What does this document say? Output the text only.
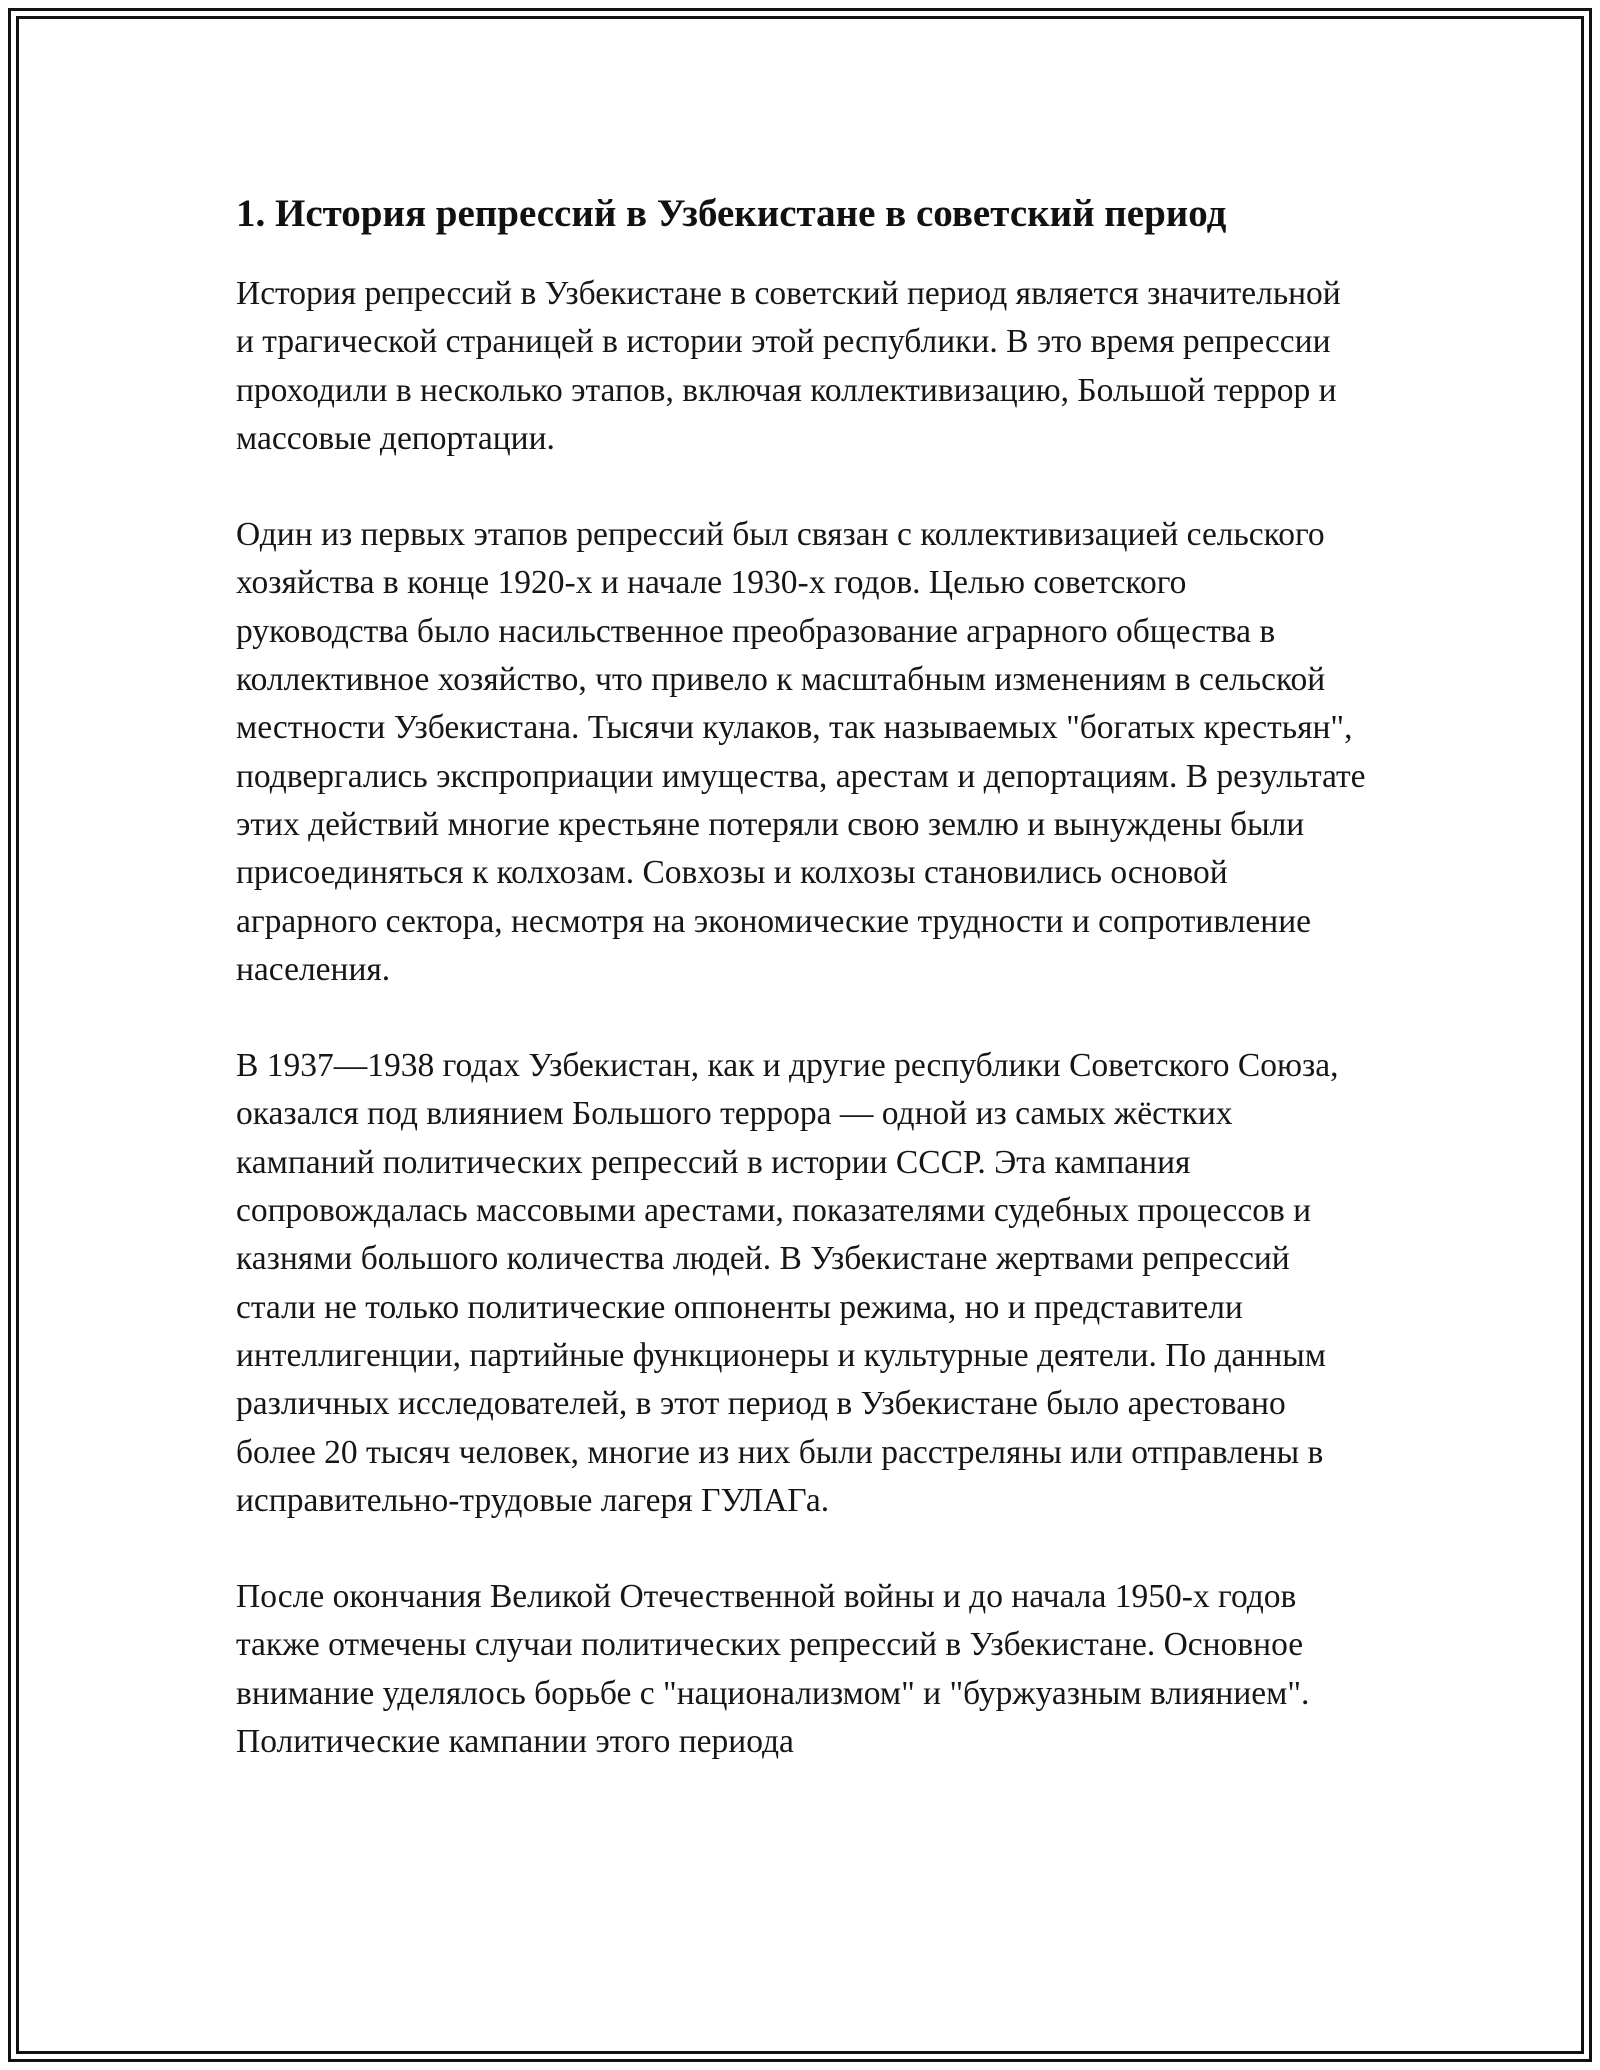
1. История репрессий в Узбекистане в советский период

История репрессий в Узбекистане в советский период является значительной и трагической страницей в истории этой республики. В это время репрессии проходили в несколько этапов, включая коллективизацию, Большой террор и массовые депортации.

Один из первых этапов репрессий был связан с коллективизацией сельского хозяйства в конце 1920-х и начале 1930-х годов. Целью советского руководства было насильственное преобразование аграрного общества в коллективное хозяйство, что привело к масштабным изменениям в сельской местности Узбекистана. Тысячи кулаков, так называемых "богатых крестьян", подвергались экспроприации имущества, арестам и депортациям. В результате этих действий многие крестьяне потеряли свою землю и вынуждены были присоединяться к колхозам. Совхозы и колхозы становились основой аграрного сектора, несмотря на экономические трудности и сопротивление населения.

В 1937—1938 годах Узбекистан, как и другие республики Советского Союза, оказался под влиянием Большого террора — одной из самых жёстких кампаний политических репрессий в истории СССР. Эта кампания сопровождалась массовыми арестами, показателями судебных процессов и казнями большого количества людей. В Узбекистане жертвами репрессий стали не только политические оппоненты режима, но и представители интеллигенции, партийные функционеры и культурные деятели. По данным различных исследователей, в этот период в Узбекистане было арестовано более 20 тысяч человек, многие из них были расстреляны или отправлены в исправительно-трудовые лагеря ГУЛАГа.

После окончания Великой Отечественной войны и до начала 1950-х годов также отмечены случаи политических репрессий в Узбекистане. Основное внимание уделялось борьбе с "национализмом" и "буржуазным влиянием". Политические кампании этого периода
